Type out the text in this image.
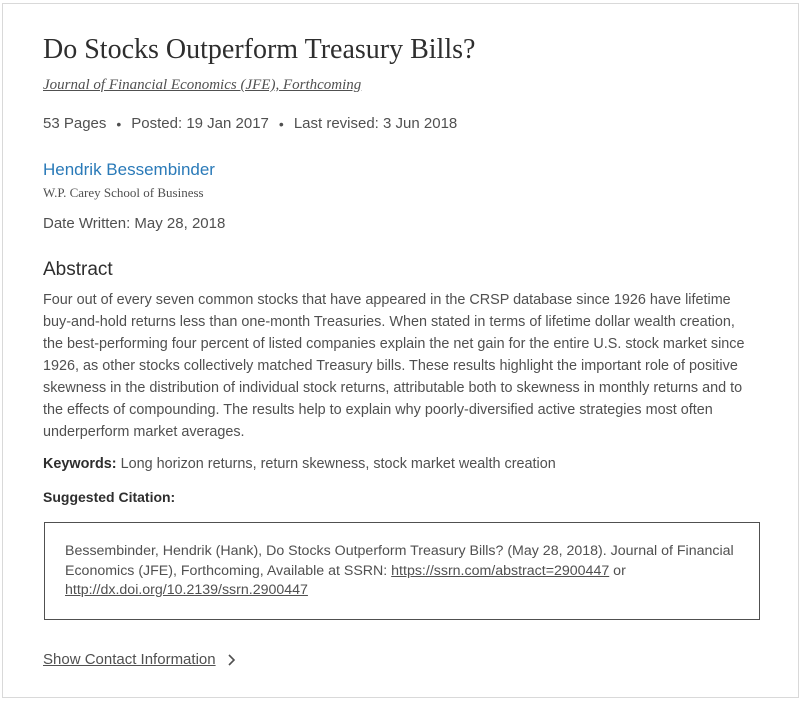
Do Stocks Outperform Treasury Bills?
Journal of Financial Economics (JFE), Forthcoming
53 Pages • Posted: 19 Jan 2017 • Last revised: 3 Jun 2018
Hendrik Bessembinder
W.P. Carey School of Business
Date Written: May 28, 2018
Abstract
Four out of every seven common stocks that have appeared in the CRSP database since 1926 have lifetime buy-and-hold returns less than one-month Treasuries. When stated in terms of lifetime dollar wealth creation, the best-performing four percent of listed companies explain the net gain for the entire U.S. stock market since 1926, as other stocks collectively matched Treasury bills. These results highlight the important role of positive skewness in the distribution of individual stock returns, attributable both to skewness in monthly returns and to the effects of compounding. The results help to explain why poorly-diversified active strategies most often underperform market averages.
Keywords: Long horizon returns, return skewness, stock market wealth creation
Suggested Citation:
Bessembinder, Hendrik (Hank), Do Stocks Outperform Treasury Bills? (May 28, 2018). Journal of Financial Economics (JFE), Forthcoming, Available at SSRN: https://ssrn.com/abstract=2900447 or http://dx.doi.org/10.2139/ssrn.2900447
Show Contact Information
